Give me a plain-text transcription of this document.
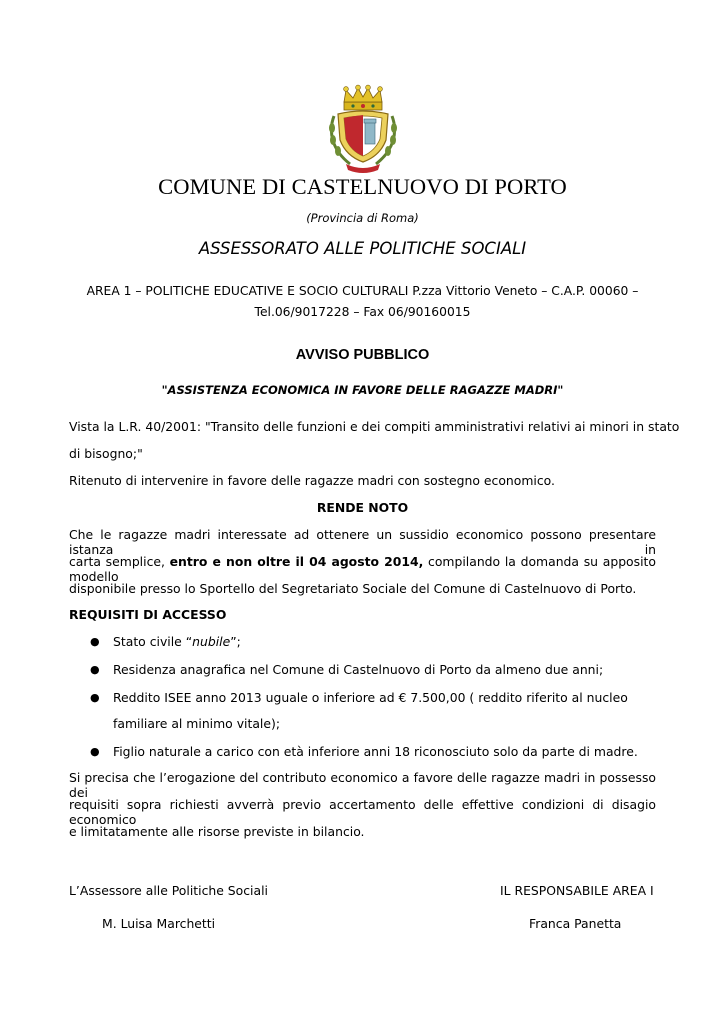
COMUNE DI CASTELNUOVO DI PORTO
(Provincia di Roma)
ASSESSORATO ALLE POLITICHE SOCIALI
AREA 1 – POLITICHE EDUCATIVE E SOCIO CULTURALI P.zza Vittorio Veneto – C.A.P. 00060 –
Tel.06/9017228 – Fax 06/90160015
AVVISO PUBBLICO
"ASSISTENZA ECONOMICA IN FAVORE DELLE RAGAZZE MADRI"
Vista la L.R. 40/2001: "Transito delle funzioni e dei compiti amministrativi relativi ai minori in stato
di bisogno;"
Ritenuto di intervenire in favore delle ragazze madri con sostegno economico.
RENDE NOTO
Che le ragazze madri interessate ad ottenere un sussidio economico possono presentare istanza in
carta semplice, entro e non oltre il 04 agosto 2014, compilando la domanda su apposito modello
disponibile presso lo Sportello del Segretariato Sociale del Comune di Castelnuovo di Porto.
REQUISITI DI ACCESSO
● Stato civile “nubile”;
● Residenza anagrafica nel Comune di Castelnuovo di Porto da almeno due anni;
● Reddito ISEE anno 2013 uguale o inferiore ad € 7.500,00 ( reddito riferito al nucleo
familiare al minimo vitale);
● Figlio naturale a carico con età inferiore anni 18 riconosciuto solo da parte di madre.
Si precisa che l’erogazione del contributo economico a favore delle ragazze madri in possesso dei
requisiti sopra richiesti avverrà previo accertamento delle effettive condizioni di disagio economico
e limitatamente alle risorse previste in bilancio.
L’Assessore alle Politiche Sociali
M. Luisa Marchetti
IL RESPONSABILE AREA I
Franca Panetta
